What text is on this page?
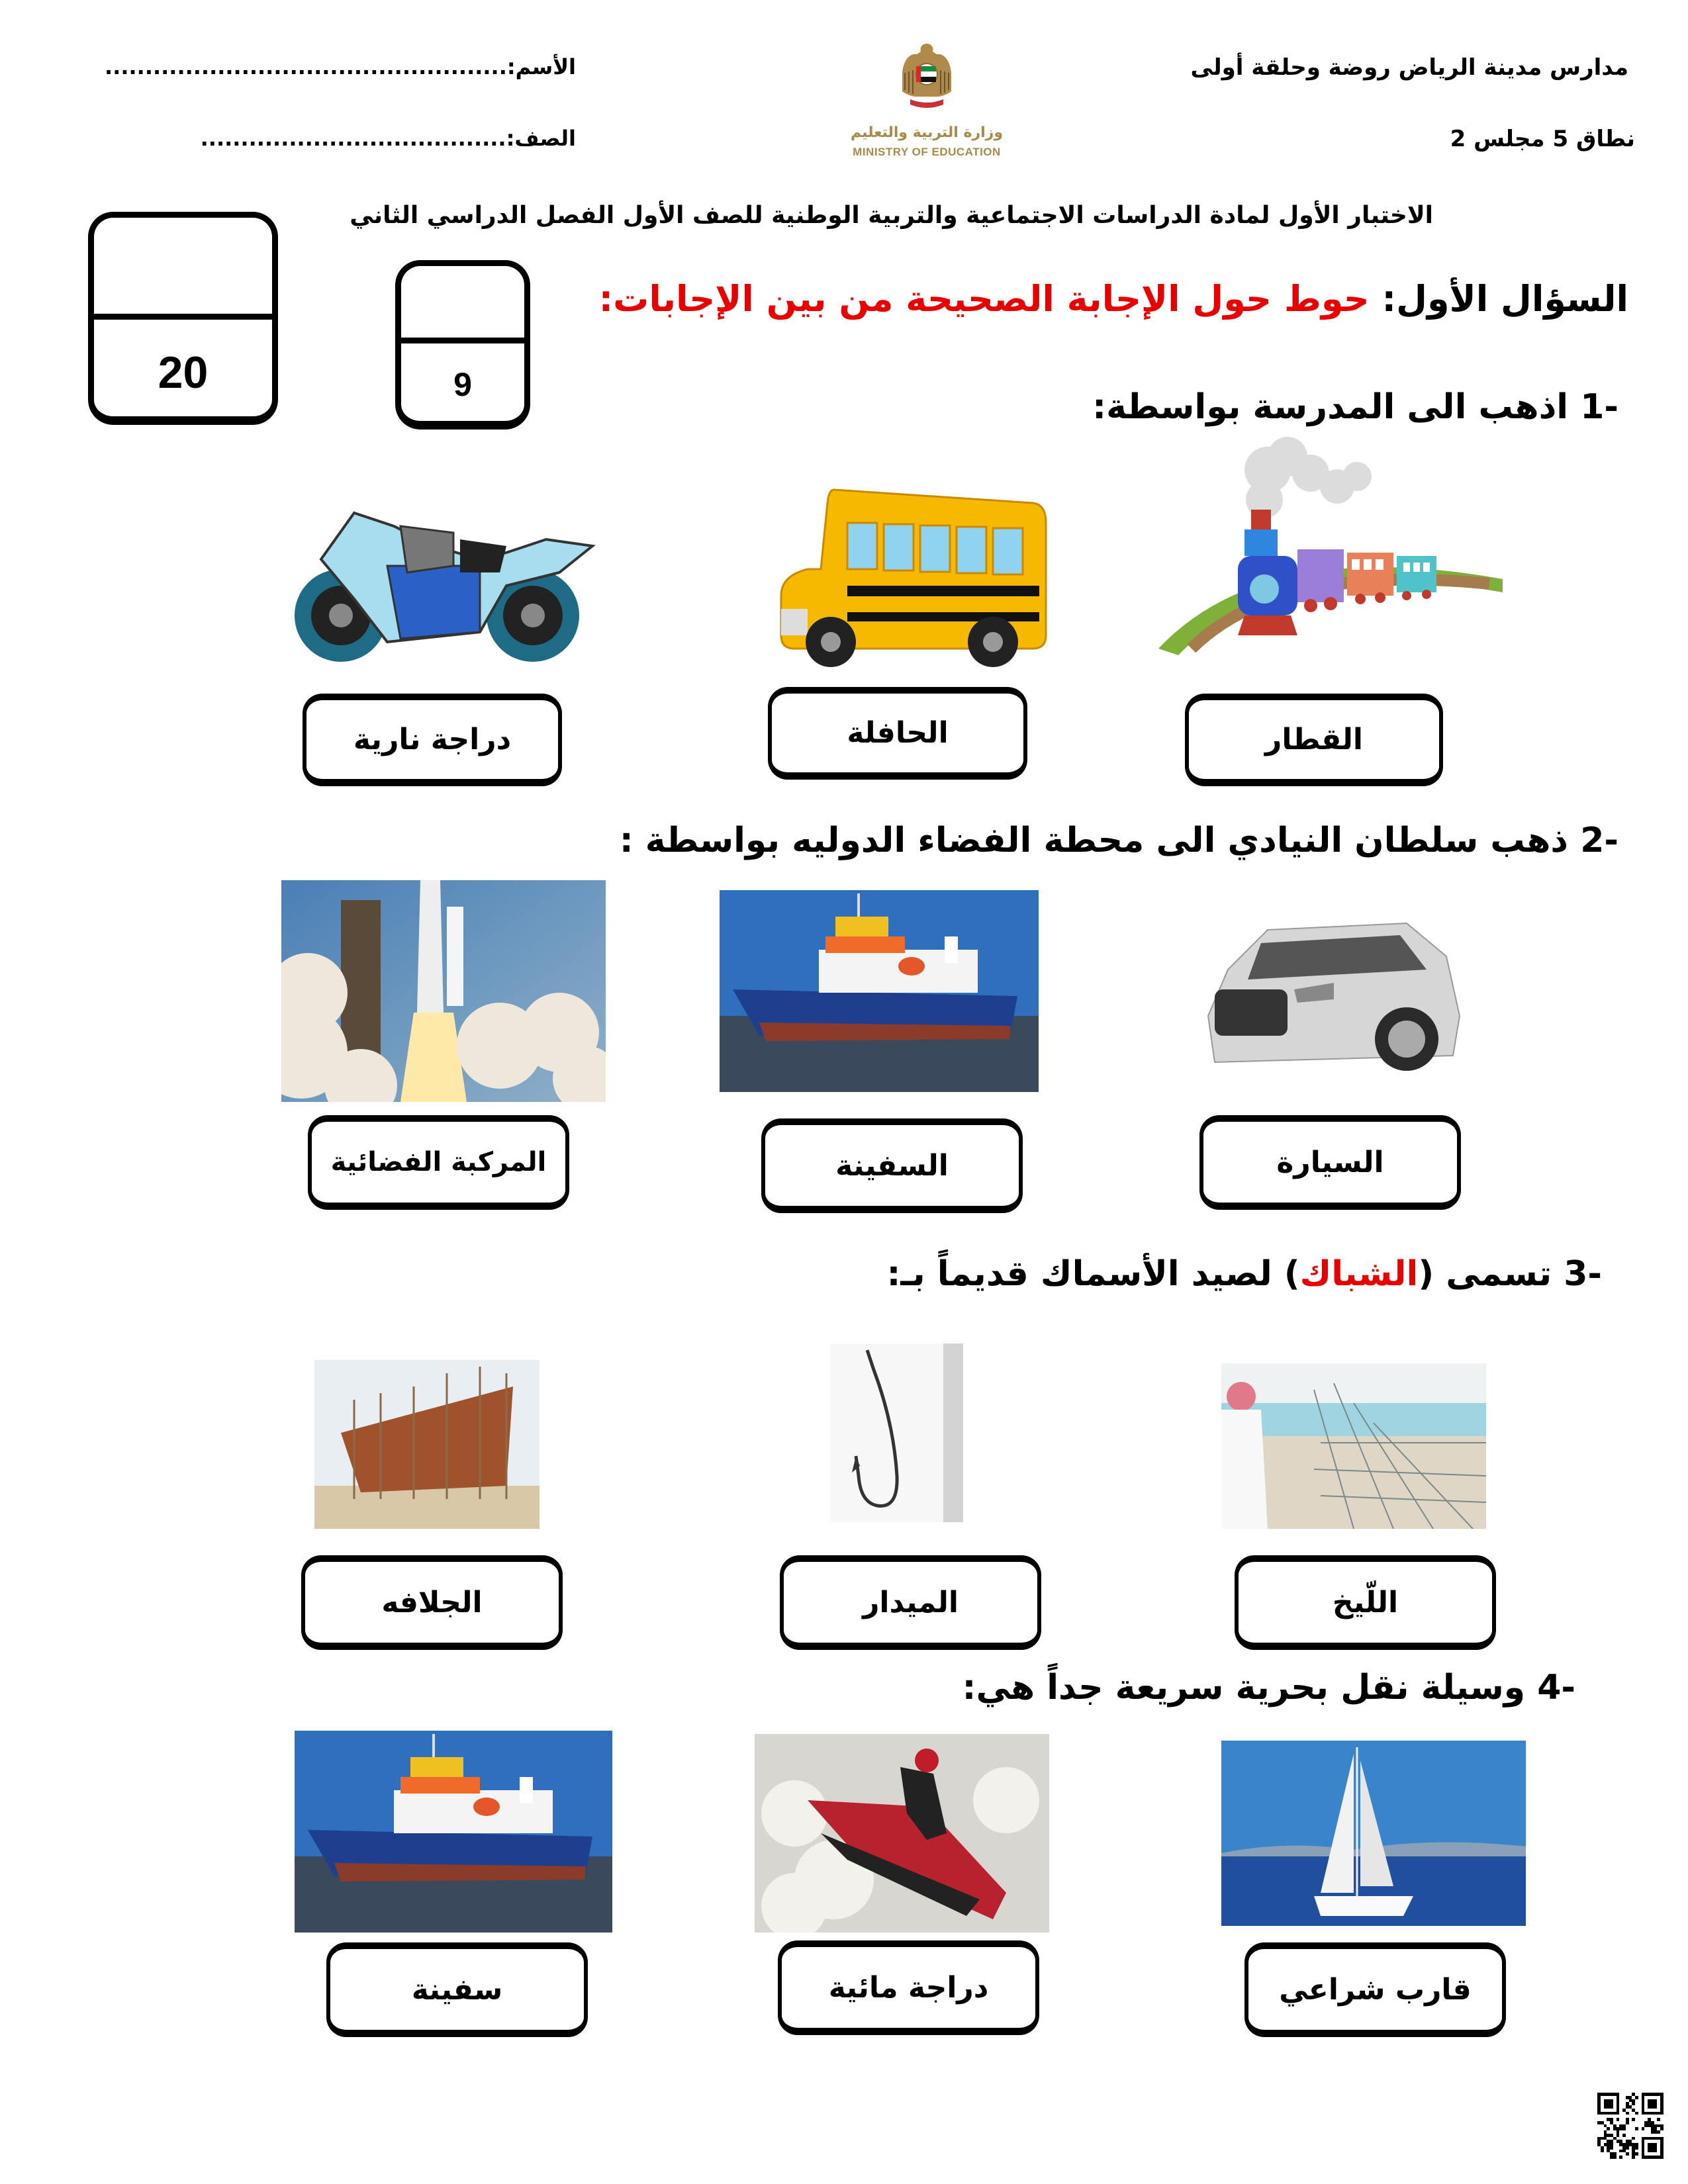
مدارس مدينة الرياض روضة وحلقة أولى
نطاق 5 مجلس 2
الأسم:..................................................
الصف:......................................	وزارة التربية والتعليم
MINISTRY OF EDUCATION
الاختبار الأول لمادة الدراسات الاجتماعية والتربية الوطنية للصف الأول الفصل الدراسي الثاني
20	9
السؤال الأول: حوط حول الإجابة الصحيحة من بين الإجابات:
-1 اذهب الى المدرسة بواسطة:
القطار
الحافلة
دراجة نارية
-2 ذهب سلطان النيادي الى محطة الفضاء الدوليه بواسطة :
السيارة
السفينة
المركبة الفضائية
-3 تسمى (الشباك) لصيد الأسماك قديماً بـ:
اللّيخ
الميدار
الجلافه
-4 وسيلة نقل بحرية سريعة جداً هي:
قارب شراعي
دراجة مائية
سفينة
